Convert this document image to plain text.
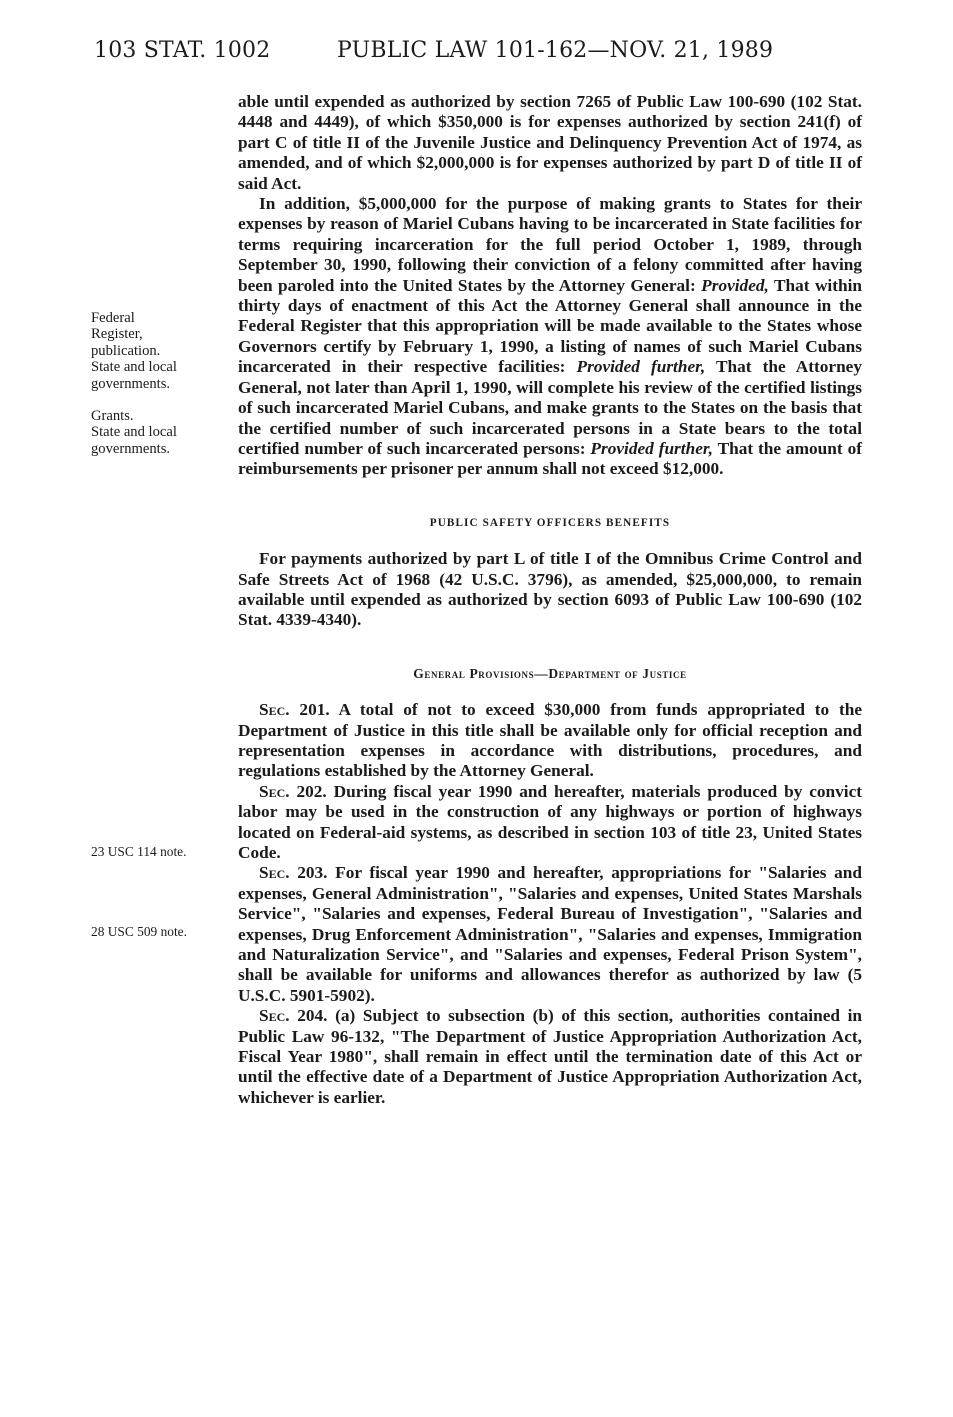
103 STAT. 1002	PUBLIC LAW 101-162—NOV. 21, 1989
Federal
Register,
publication.
State and local
governments.
Grants.
State and local
governments.
23 USC 114 note.
28 USC 509 note.

able until expended as authorized by section 7265 of Public Law 100-690 (102 Stat. 4448 and 4449), of which $350,000 is for expenses authorized by section 241(f) of part C of title II of the Juvenile Justice and Delinquency Prevention Act of 1974, as amended, and of which $2,000,000 is for expenses authorized by part D of title II of said Act.

In addition, $5,000,000 for the purpose of making grants to States for their expenses by reason of Mariel Cubans having to be incarcerated in State facilities for terms requiring incarceration for the full period October 1, 1989, through September 30, 1990, following their conviction of a felony committed after having been paroled into the United States by the Attorney General: Provided, That within thirty days of enactment of this Act the Attorney General shall announce in the Federal Register that this appropriation will be made available to the States whose Governors certify by February 1, 1990, a listing of names of such Mariel Cubans incarcerated in their respective facilities: Provided further, That the Attorney General, not later than April 1, 1990, will complete his review of the certified listings of such incarcerated Mariel Cubans, and make grants to the States on the basis that the certified number of such incarcerated persons in a State bears to the total certified number of such incarcerated persons: Provided further, That the amount of reimbursements per prisoner per annum shall not exceed $12,000.

PUBLIC SAFETY OFFICERS BENEFITS

For payments authorized by part L of title I of the Omnibus Crime Control and Safe Streets Act of 1968 (42 U.S.C. 3796), as amended, $25,000,000, to remain available until expended as authorized by section 6093 of Public Law 100-690 (102 Stat. 4339-4340).

General Provisions—Department of Justice

Sec. 201. A total of not to exceed $30,000 from funds appropriated to the Department of Justice in this title shall be available only for official reception and representation expenses in accordance with distributions, procedures, and regulations established by the Attorney General.

Sec. 202. During fiscal year 1990 and hereafter, materials produced by convict labor may be used in the construction of any highways or portion of highways located on Federal-aid systems, as described in section 103 of title 23, United States Code.

Sec. 203. For fiscal year 1990 and hereafter, appropriations for "Salaries and expenses, General Administration", "Salaries and expenses, United States Marshals Service", "Salaries and expenses, Federal Bureau of Investigation", "Salaries and expenses, Drug Enforcement Administration", "Salaries and expenses, Immigration and Naturalization Service", and "Salaries and expenses, Federal Prison System", shall be available for uniforms and allowances therefor as authorized by law (5 U.S.C. 5901-5902).

Sec. 204. (a) Subject to subsection (b) of this section, authorities contained in Public Law 96-132, "The Department of Justice Appropriation Authorization Act, Fiscal Year 1980", shall remain in effect until the termination date of this Act or until the effective date of a Department of Justice Appropriation Authorization Act, whichever is earlier.
